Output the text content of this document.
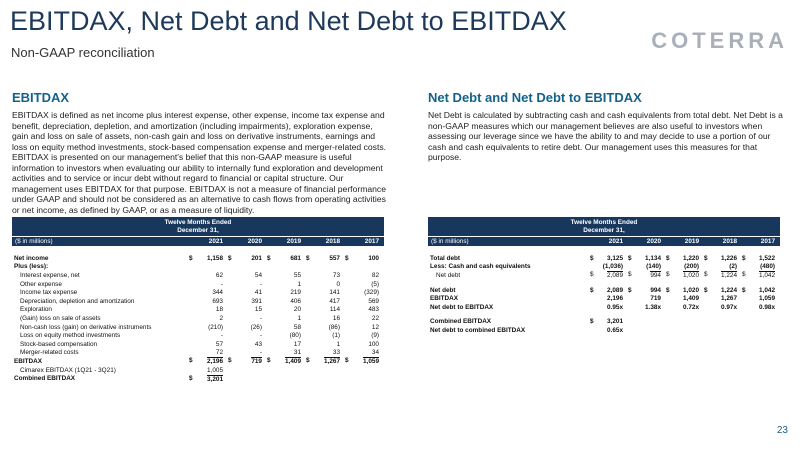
EBITDAX, Net Debt and Net Debt to EBITDAX
Non-GAAP reconciliation	COTERRA
EBITDAX
EBITDAX is defined as net income plus interest expense, other expense, income tax expense and benefit, depreciation, depletion, and amortization (including impairments), exploration expense, gain and loss on sale of assets, non-cash gain and loss on derivative instruments, earnings and loss on equity method investments, stock-based compensation expense and merger-related costs. EBITDAX is presented on our management's belief that this non-GAAP measure is useful information to investors when evaluating our ability to internally fund exploration and development activities and to service or incur debt without regard to financial or capital structure. Our management uses EBITDAX for that purpose. EBITDAX is not a measure of financial performance under GAAP and should not be considered as an alternative to cash flows from operating activities or net income, as defined by GAAP, or as a measure of liquidity.
Net Debt and Net Debt to EBITDAX
Net Debt is calculated by subtracting cash and cash equivalents from total debt. Net Debt is a non-GAAP measures which our management believes are also useful to investors when assessing our leverage since we have the ability to and may decide to use a portion of our cash and cash equivalents to retire debt. Our management uses this measures for that purpose.
Twelve Months Ended
December 31,
($ in millions)	2021	2020	2019	2018	2017
Net income	$	1,158 $	201 $	681 $	557 $	100
Plus (less):
Interest expense, net	62	54	55	73	82
Other expense	-	-	1	0	(5)
Income tax expense	344	41	219	141	(329)
Depreciation, depletion and amortization	693	391	406	417	569
Exploration	18	15	20	114	483
(Gain) loss on sale of assets	2	-	1	16	22
Non-cash loss (gain) on derivative instruments	(210)	(26)	58	(86)	12
Loss on equity method investments	-	-	(80)	(1)	(9)
Stock-based compensation	57	43	17	1	100
Merger-related costs	72	-	31	33	34
EBITDAX	$	2,196 $	719 $	1,409 $	1,267 $	1,059
Cimarex EBITDAX (1Q21 - 3Q21)	1,005
Combined EBITDAX	$	3,201
Twelve Months Ended
December 31,
($ in millions)	2021	2020	2019	2018	2017
Total debt	$	3,125 $	1,134 $	1,220 $	1,226 $	1,522
Less: Cash and cash equivalents	(1,036)	(140)	(200)	(2)	(480)
Net debt	$	2,089 $	994 $	1,020 $	1,224 $	1,042
Net debt	$	2,089 $	994 $	1,020 $	1,224 $	1,042
EBITDAX	2,196	719	1,409	1,267	1,059
Net debt to EBITDAX	0.95x	1.38x	0.72x	0.97x	0.98x
Combined EBITDAX	$	3,201
Net debt to combined EBITDAX	0.65x
23
